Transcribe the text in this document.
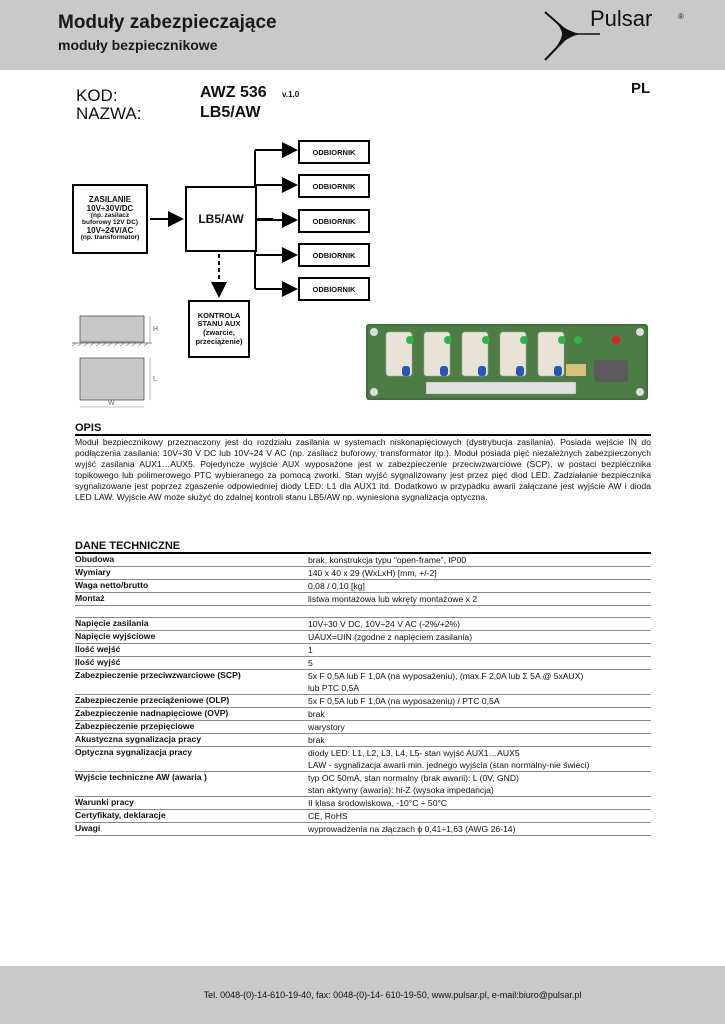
Moduły zabezpieczające
moduły bezpiecznikowe
Pulsar	®
KOD:
NAZWA:
AWZ 536 v.1.0
LB5/AW
PL
ZASILANIE
10V÷30V/DC
(np. zasilacz
buforowy 12V DC)
10V÷24V/AC
(np. transformator)
LB5/AW
ODBIORNIK
ODBIORNIK
ODBIORNIK
ODBIORNIK
ODBIORNIK
KONTROLA
STANU AUX
(zwarcie,
przeciążenie)
H
L
W
OPIS
Moduł bezpiecznikowy przeznaczony jest do rozdziału zasilania w systemach niskonapięciowych (dystrybucja zasilania). Posiada wejście IN do podłączenia zasilania: 10V÷30 V DC lub 10V÷24 V AC (np. zasilacz buforowy, transformator itp.). Moduł posiada pięć niezależnych zabezpieczonych wyjść zasilania AUX1…AUX5. Pojedyncze wyjście AUX wyposażone jest w zabezpieczenie przeciwzwarciowe (SCP), w postaci bezpiecznika topikowego lub polimerowego PTC wybieranego za pomocą zworki. Stan wyjść sygnalizowany jest przez pięć diod LED. Zadziałanie bezpiecznika sygnalizowane jest poprzez zgaszenie odpowiedniej diody LED: L1 dla AUX1 itd. Dodatkowo w przypadku awarii załączane jest wyjście AW i dioda LED LAW. Wyjście AW może służyć do zdalnej kontroli stanu LB5/AW np. wyniesiona sygnalizacja optyczna.
DANE TECHNICZNE
Obudowa	brak, konstrukcja typu “open-frame”, IP00
Wymiary	140 x 40 x 29 (WxLxH) [mm, +/-2]
Waga netto/brutto	0,08 / 0,10 [kg]
Montaż	listwa montażowa lub wkręty montażowe x 2
Napięcie zasilania	10V÷30 V DC, 10V÷24 V AC (-2%/+2%)
Napięcie wyjściowe	UAUX=UIN (zgodne z napięciem zasilania)
Ilość wejść	1
Ilość wyjść	5
Zabezpieczenie przeciwzwarciowe (SCP)	5x F 0,5A lub F 1,0A (na wyposażeniu), (max.F 2,0A lub Σ 5A @ 5xAUX)
lub PTC 0,5A
Zabezpieczenie przeciążeniowe (OLP)	5x F 0,5A lub F 1,0A (na wyposażeniu) / PTC 0,5A
Zabezpieczenie nadnapięciowe (OVP)	brak
Zabezpieczenie przepięciowe	warystory
Akustyczna sygnalizacja pracy	brak
Optyczna sygnalizacja pracy	diody LED: L1, L2, L3, L4, L5- stan wyjść AUX1…AUX5
LAW - sygnalizacja awarii min. jednego wyjścia (stan normalny-nie świeci)
Wyjście techniczne AW (awaria )	typ OC 50mA, stan normalny (brak awarii): L (0V, GND)
stan aktywny (awaria): hi-Z (wysoka impedancja)
Warunki pracy	II klasa środowiskowa, -10°C ÷ 50°C
Certyfikaty, deklaracje	CE, RoHS
Uwagi	wyprowadzenia na złączach ϕ 0,41÷1,63 (AWG 26-14)
Tel. 0048-(0)-14-610-19-40, fax: 0048-(0)-14- 610-19-50, www.pulsar.pl, e-mail:biuro@pulsar.pl
